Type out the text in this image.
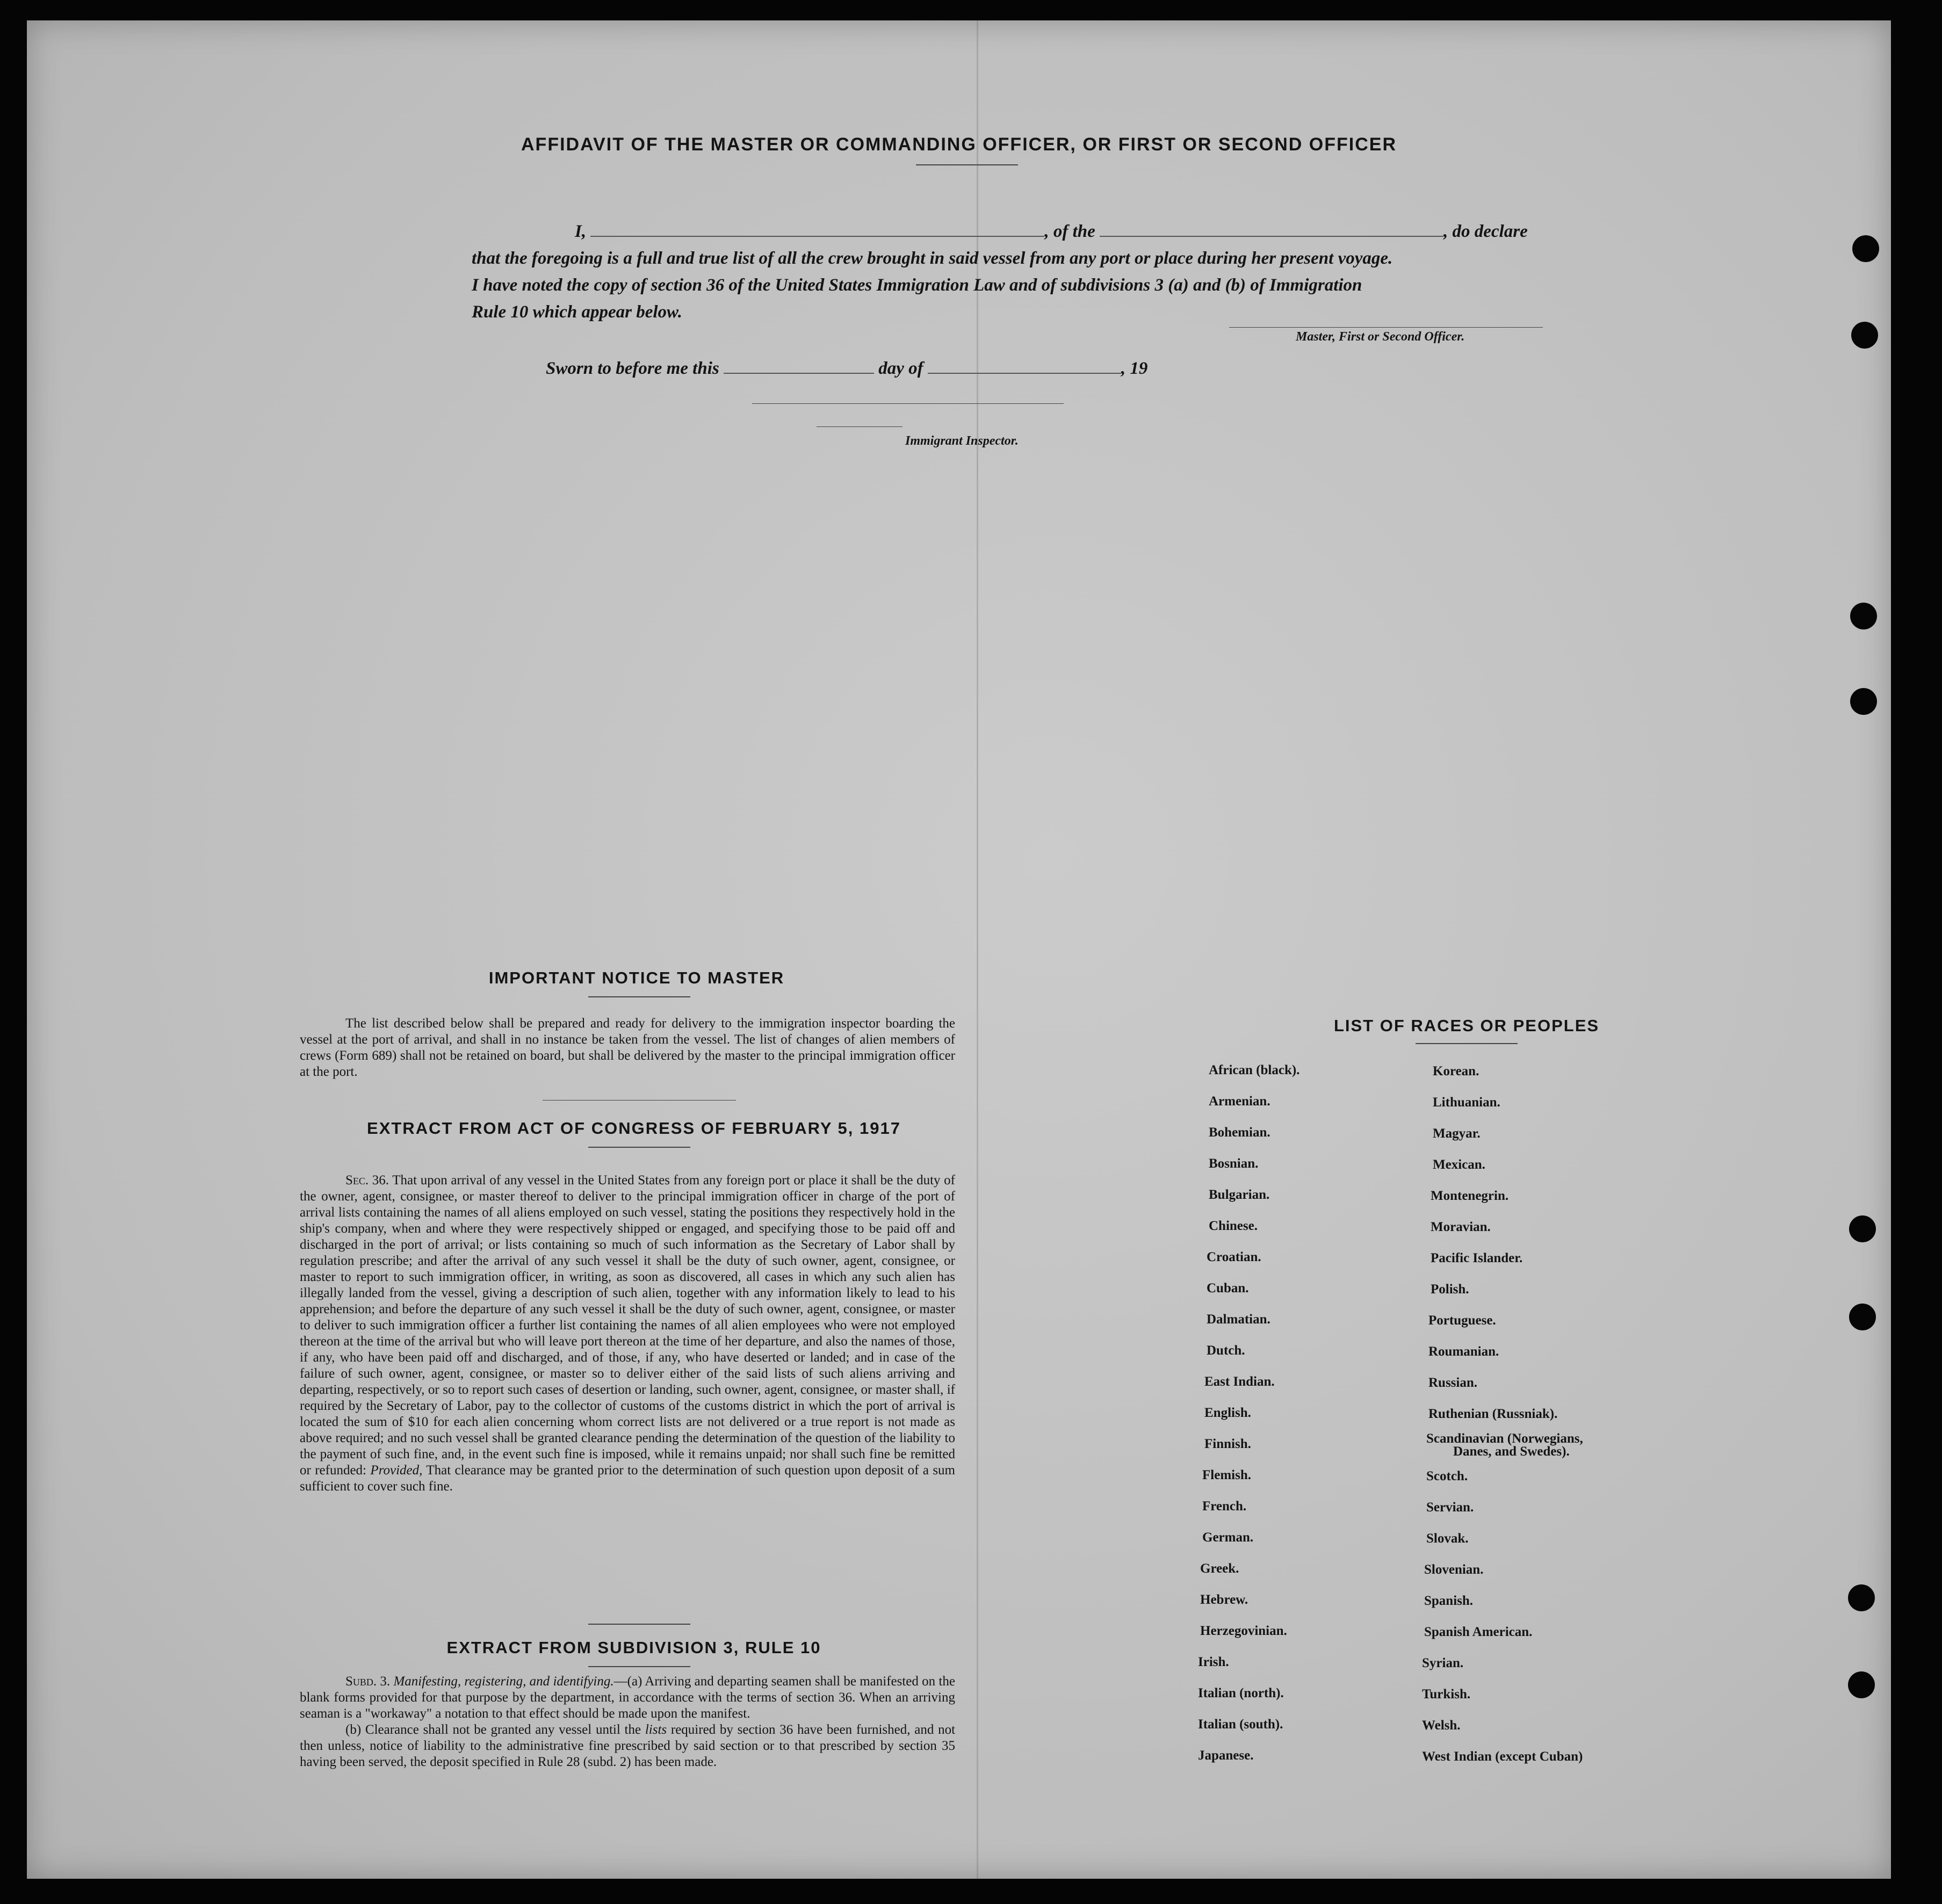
AFFIDAVIT OF THE MASTER OR COMMANDING OFFICER, OR FIRST OR SECOND OFFICER
I,	, of the	, do declare
that the foregoing is a full and true list of all the crew brought in said vessel from any port or place during her present voyage.
I have noted the copy of section 36 of the United States Immigration Law and of subdivisions 3 (a) and (b) of Immigration
Rule 10 which appear below.
Master, First or Second Officer.
Sworn to before me this	day of	, 19
Immigrant Inspector.
IMPORTANT NOTICE TO MASTER
The list described below shall be prepared and ready for delivery to the immigration inspector boarding the vessel at the port of arrival, and shall in no instance be taken from the vessel. The list of changes of alien members of crews (Form 689) shall not be retained on board, but shall be delivered by the master to the principal immigration officer at the port.
EXTRACT FROM ACT OF CONGRESS OF FEBRUARY 5, 1917
Sec. 36. That upon arrival of any vessel in the United States from any foreign port or place it shall be the duty of the owner, agent, consignee, or master thereof to deliver to the principal immigration officer in charge of the port of arrival lists containing the names of all aliens employed on such vessel, stating the positions they respectively hold in the ship's company, when and where they were respectively shipped or engaged, and specifying those to be paid off and discharged in the port of arrival; or lists containing so much of such information as the Secretary of Labor shall by regulation prescribe; and after the arrival of any such vessel it shall be the duty of such owner, agent, consignee, or master to report to such immigration officer, in writing, as soon as discovered, all cases in which any such alien has illegally landed from the vessel, giving a description of such alien, together with any information likely to lead to his apprehension; and before the departure of any such vessel it shall be the duty of such owner, agent, consignee, or master to deliver to such immigration officer a further list containing the names of all alien employees who were not employed thereon at the time of the arrival but who will leave port thereon at the time of her departure, and also the names of those, if any, who have been paid off and discharged, and of those, if any, who have deserted or landed; and in case of the failure of such owner, agent, consignee, or master so to deliver either of the said lists of such aliens arriving and departing, respectively, or so to report such cases of desertion or landing, such owner, agent, consignee, or master shall, if required by the Secretary of Labor, pay to the collector of customs of the customs district in which the port of arrival is located the sum of $10 for each alien concerning whom correct lists are not delivered or a true report is not made as above required; and no such vessel shall be granted clearance pending the determination of the question of the liability to the payment of such fine, and, in the event such fine is imposed, while it remains unpaid; nor shall such fine be remitted or refunded: Provided, That clearance may be granted prior to the determination of such question upon deposit of a sum sufficient to cover such fine.
EXTRACT FROM SUBDIVISION 3, RULE 10
Subd. 3. Manifesting, registering, and identifying.—(a) Arriving and departing seamen shall be manifested on the blank forms provided for that purpose by the department, in accordance with the terms of section 36. When an arriving seaman is a "workaway" a notation to that effect should be made upon the manifest.
(b) Clearance shall not be granted any vessel until the lists required by section 36 have been furnished, and not then unless, notice of liability to the administrative fine prescribed by said section or to that prescribed by section 35 having been served, the deposit specified in Rule 28 (subd. 2) has been made.
LIST OF RACES OR PEOPLES
African (black).
Armenian.
Bohemian.
Bosnian.
Bulgarian.
Chinese.
Croatian.
Cuban.
Dalmatian.
Dutch.
East Indian.
English.
Finnish.
Flemish.
French.
German.
Greek.
Hebrew.
Herzegovinian.
Irish.
Italian (north).
Italian (south).
Japanese.
Korean.
Lithuanian.
Magyar.
Mexican.
Montenegrin.
Moravian.
Pacific Islander.
Polish.
Portuguese.
Roumanian.
Russian.
Ruthenian (Russniak).
Scandinavian (Norwegians,
Danes, and Swedes).
Scotch.
Servian.
Slovak.
Slovenian.
Spanish.
Spanish American.
Syrian.
Turkish.
Welsh.
West Indian (except Cuban)
